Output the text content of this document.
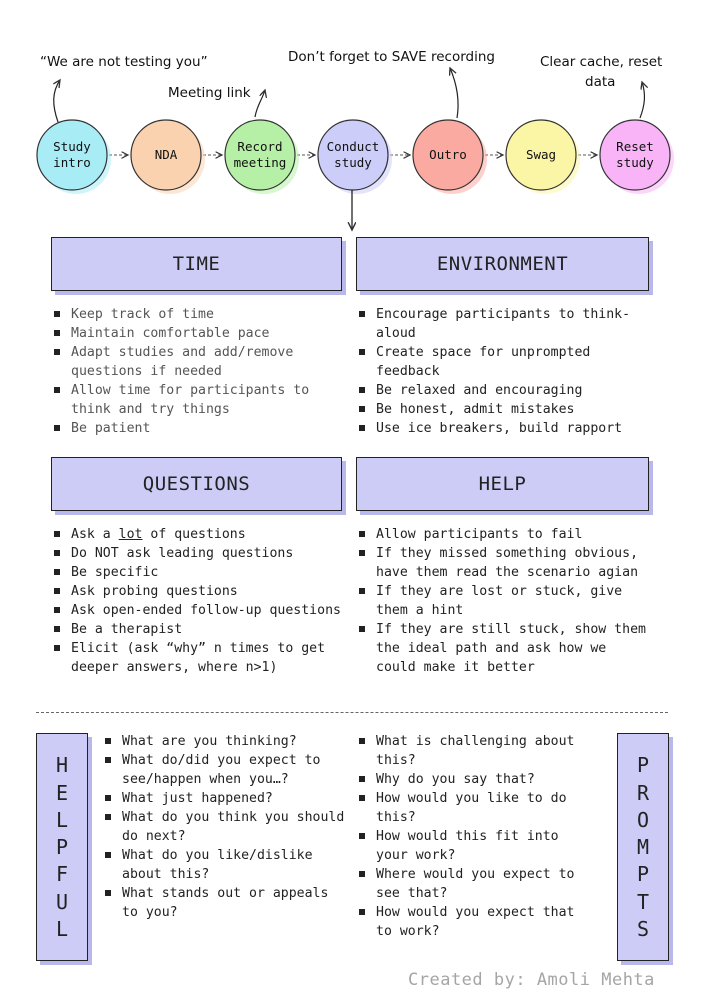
Study
intro
NDA
Record
meeting
Conduct
study
Outro	Swag
Reset
study
“We are not testing you”
Meeting link
Don’t forget to SAVE recording	Clear cache, reset
data
TIME	ENVIRONMENT
QUESTIONS	HELP
Keep track of time
Maintain comfortable pace
Adapt studies and add/remove questions if needed
Allow time for participants to think and try things
Be patient
Encourage participants to think-aloud
Create space for unprompted feedback
Be relaxed and encouraging
Be honest, admit mistakes
Use ice breakers, build rapport
Ask a lot of questions
Do NOT ask leading questions
Be specific
Ask probing questions
Ask open-ended follow-up questions
Be a therapist
Elicit (ask “why” n times to get deeper answers, where n>1)
Allow participants to fail
If they missed something obvious, have them read the scenario agian
If they are lost or stuck, give them a hint
If they are still stuck, show them the ideal path and ask how we could make it better
H
E
L
P
F
U
L
What are you thinking?
What do/did you expect to see/happen when you…?
What just happened?
What do you think you should do next?
What do you like/dislike about this?
What stands out or appeals to you?
What is challenging about this?
Why do you say that?
How would you like to do this?
How would this fit into your work?
Where would you expect to see that?
How would you expect that to work?
P
R
O
M
P
T
S
Created by: Amoli Mehta
